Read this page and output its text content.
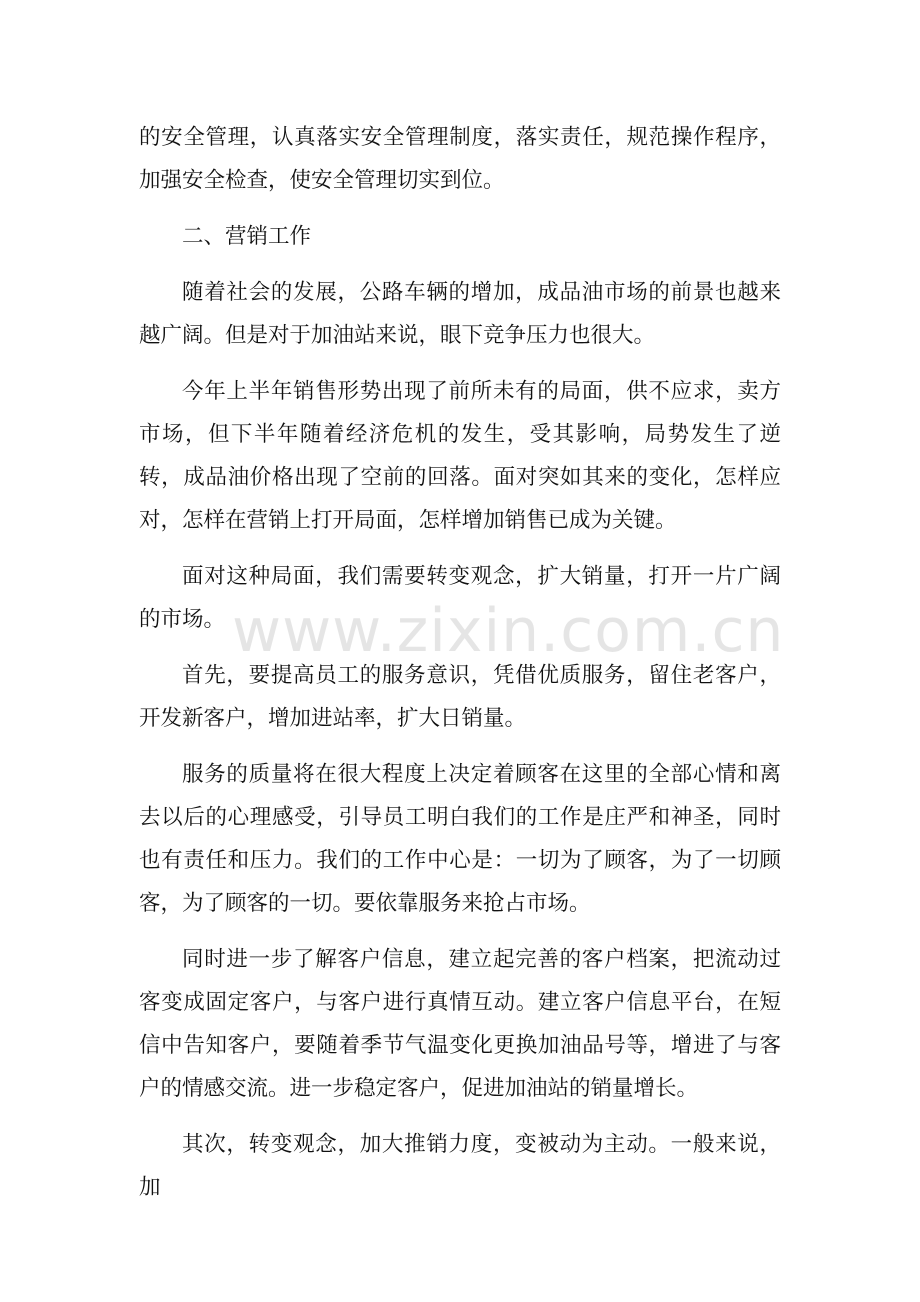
的安全管理，认真落实安全管理制度，落实责任，规范操作程序，加强安全检查，使安全管理切实到位。

二、营销工作

随着社会的发展，公路车辆的增加，成品油市场的前景也越来越广阔。但是对于加油站来说，眼下竞争压力也很大。

今年上半年销售形势出现了前所未有的局面，供不应求，卖方市场，但下半年随着经济危机的发生，受其影响，局势发生了逆转，成品油价格出现了空前的回落。面对突如其来的变化，怎样应对，怎样在营销上打开局面，怎样增加销售已成为关键。

面对这种局面，我们需要转变观念，扩大销量，打开一片广阔的市场。

首先，要提高员工的服务意识，凭借优质服务，留住老客户，开发新客户，增加进站率，扩大日销量。

服务的质量将在很大程度上决定着顾客在这里的全部心情和离去以后的心理感受，引导员工明白我们的工作是庄严和神圣，同时也有责任和压力。我们的工作中心是：一切为了顾客，为了一切顾客，为了顾客的一切。要依靠服务来抢占市场。

同时进一步了解客户信息，建立起完善的客户档案，把流动过客变成固定客户，与客户进行真情互动。建立客户信息平台，在短信中告知客户，要随着季节气温变化更换加油品号等，增进了与客户的情感交流。进一步稳定客户，促进加油站的销量增长。

其次，转变观念，加大推销力度，变被动为主动。一般来说，加

www.zixin.com.cn
